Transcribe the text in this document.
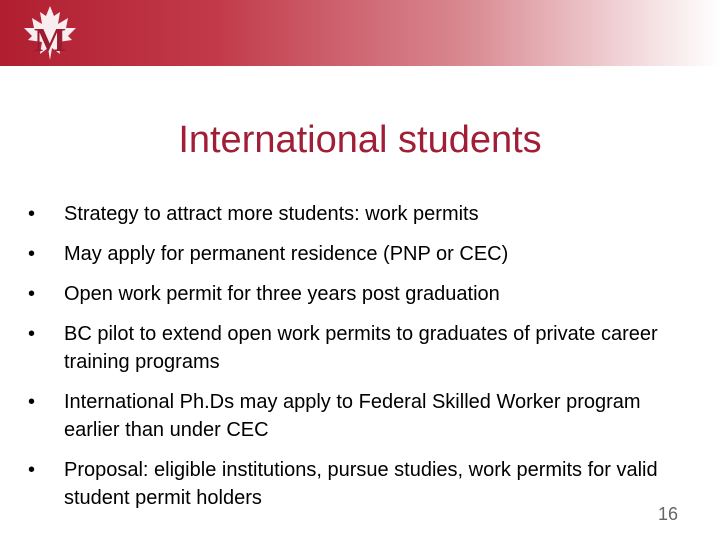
M
International students
•	Strategy to attract more students: work permits
•	May apply for permanent residence (PNP or CEC)
•	Open work permit for three years post graduation
•	BC pilot to extend open work permits to graduates of private career training programs
•	International Ph.Ds may apply to Federal Skilled Worker program earlier than under CEC
•	Proposal: eligible institutions, pursue studies, work permits for valid student permit holders
16
